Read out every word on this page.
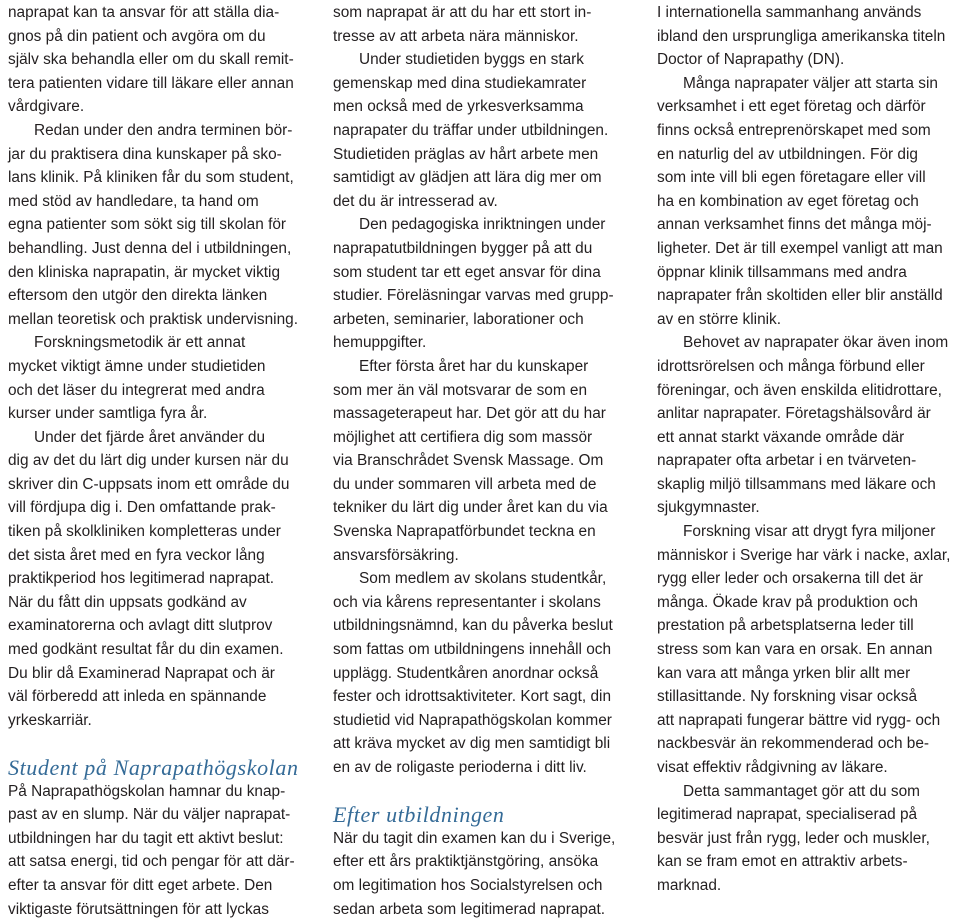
naprapat kan ta ansvar för att ställa dia-
gnos på din patient och avgöra om du
själv ska behandla eller om du skall remit-
tera patienten vidare till läkare eller annan
vårdgivare.
Redan under den andra terminen bör-
jar du praktisera dina kunskaper på sko-
lans klinik. På kliniken får du som student,
med stöd av handledare, ta hand om
egna patienter som sökt sig till skolan för
behandling. Just denna del i utbildningen,
den kliniska naprapatin, är mycket viktig
eftersom den utgör den direkta länken
mellan teoretisk och praktisk undervisning.
Forskningsmetodik är ett annat
mycket viktigt ämne under studietiden
och det läser du integrerat med andra
kurser under samtliga fyra år.
Under det fjärde året använder du
dig av det du lärt dig under kursen när du
skriver din C-uppsats inom ett område du
vill fördjupa dig i. Den omfattande prak-
tiken på skolkliniken kompletteras under
det sista året med en fyra veckor lång
praktikperiod hos legitimerad naprapat.
När du fått din uppsats godkänd av
examinatorerna och avlagt ditt slutprov
med godkänt resultat får du din examen.
Du blir då Examinerad Naprapat och är
väl förberedd att inleda en spännande
yrkeskarriär.
Student på Naprapathögskolan
På Naprapathögskolan hamnar du knap-
past av en slump. När du väljer naprapat-
utbildningen har du tagit ett aktivt beslut:
att satsa energi, tid och pengar för att där-
efter ta ansvar för ditt eget arbete. Den
viktigaste förutsättningen för att lyckas
som naprapat är att du har ett stort in-
tresse av att arbeta nära människor.
Under studietiden byggs en stark
gemenskap med dina studiekamrater
men också med de yrkesverksamma
naprapater du träffar under utbildningen.
Studietiden präglas av hårt arbete men
samtidigt av glädjen att lära dig mer om
det du är intresserad av.
Den pedagogiska inriktningen under
naprapatutbildningen bygger på att du
som student tar ett eget ansvar för dina
studier. Föreläsningar varvas med grupp-
arbeten, seminarier, laborationer och
hemuppgifter.
Efter första året har du kunskaper
som mer än väl motsvarar de som en
massageterapeut har. Det gör att du har
möjlighet att certifiera dig som massör
via Branschrådet Svensk Massage. Om
du under sommaren vill arbeta med de
tekniker du lärt dig under året kan du via
Svenska Naprapatförbundet teckna en
ansvarsförsäkring.
Som medlem av skolans studentkår,
och via kårens representanter i skolans
utbildningsnämnd, kan du påverka beslut
som fattas om utbildningens innehåll och
upplägg. Studentkåren anordnar också
fester och idrottsaktiviteter. Kort sagt, din
studietid vid Naprapathögskolan kommer
att kräva mycket av dig men samtidigt bli
en av de roligaste perioderna i ditt liv.
Efter utbildningen
När du tagit din examen kan du i Sverige,
efter ett års praktiktjänstgöring, ansöka
om legitimation hos Socialstyrelsen och
sedan arbeta som legitimerad naprapat.
I internationella sammanhang används
ibland den ursprungliga amerikanska titeln
Doctor of Naprapathy (DN).
Många naprapater väljer att starta sin
verksamhet i ett eget företag och därför
finns också entreprenörskapet med som
en naturlig del av utbildningen. För dig
som inte vill bli egen företagare eller vill
ha en kombination av eget företag och
annan verksamhet finns det många möj-
ligheter. Det är till exempel vanligt att man
öppnar klinik tillsammans med andra
naprapater från skoltiden eller blir anställd
av en större klinik.
Behovet av naprapater ökar även inom
idrottsrörelsen och många förbund eller
föreningar, och även enskilda elitidrottare,
anlitar naprapater. Företagshälsovård är
ett annat starkt växande område där
naprapater ofta arbetar i en tvärveten-
skaplig miljö tillsammans med läkare och
sjukgymnaster.
Forskning visar att drygt fyra miljoner
människor i Sverige har värk i nacke, axlar,
rygg eller leder och orsakerna till det är
många. Ökade krav på produktion och
prestation på arbetsplatserna leder till
stress som kan vara en orsak. En annan
kan vara att många yrken blir allt mer
stillasittande. Ny forskning visar också
att naprapati fungerar bättre vid rygg- och
nackbesvär än rekommenderad och be-
visat effektiv rådgivning av läkare.
Detta sammantaget gör att du som
legitimerad naprapat, specialiserad på
besvär just från rygg, leder och muskler,
kan se fram emot en attraktiv arbets-
marknad.
